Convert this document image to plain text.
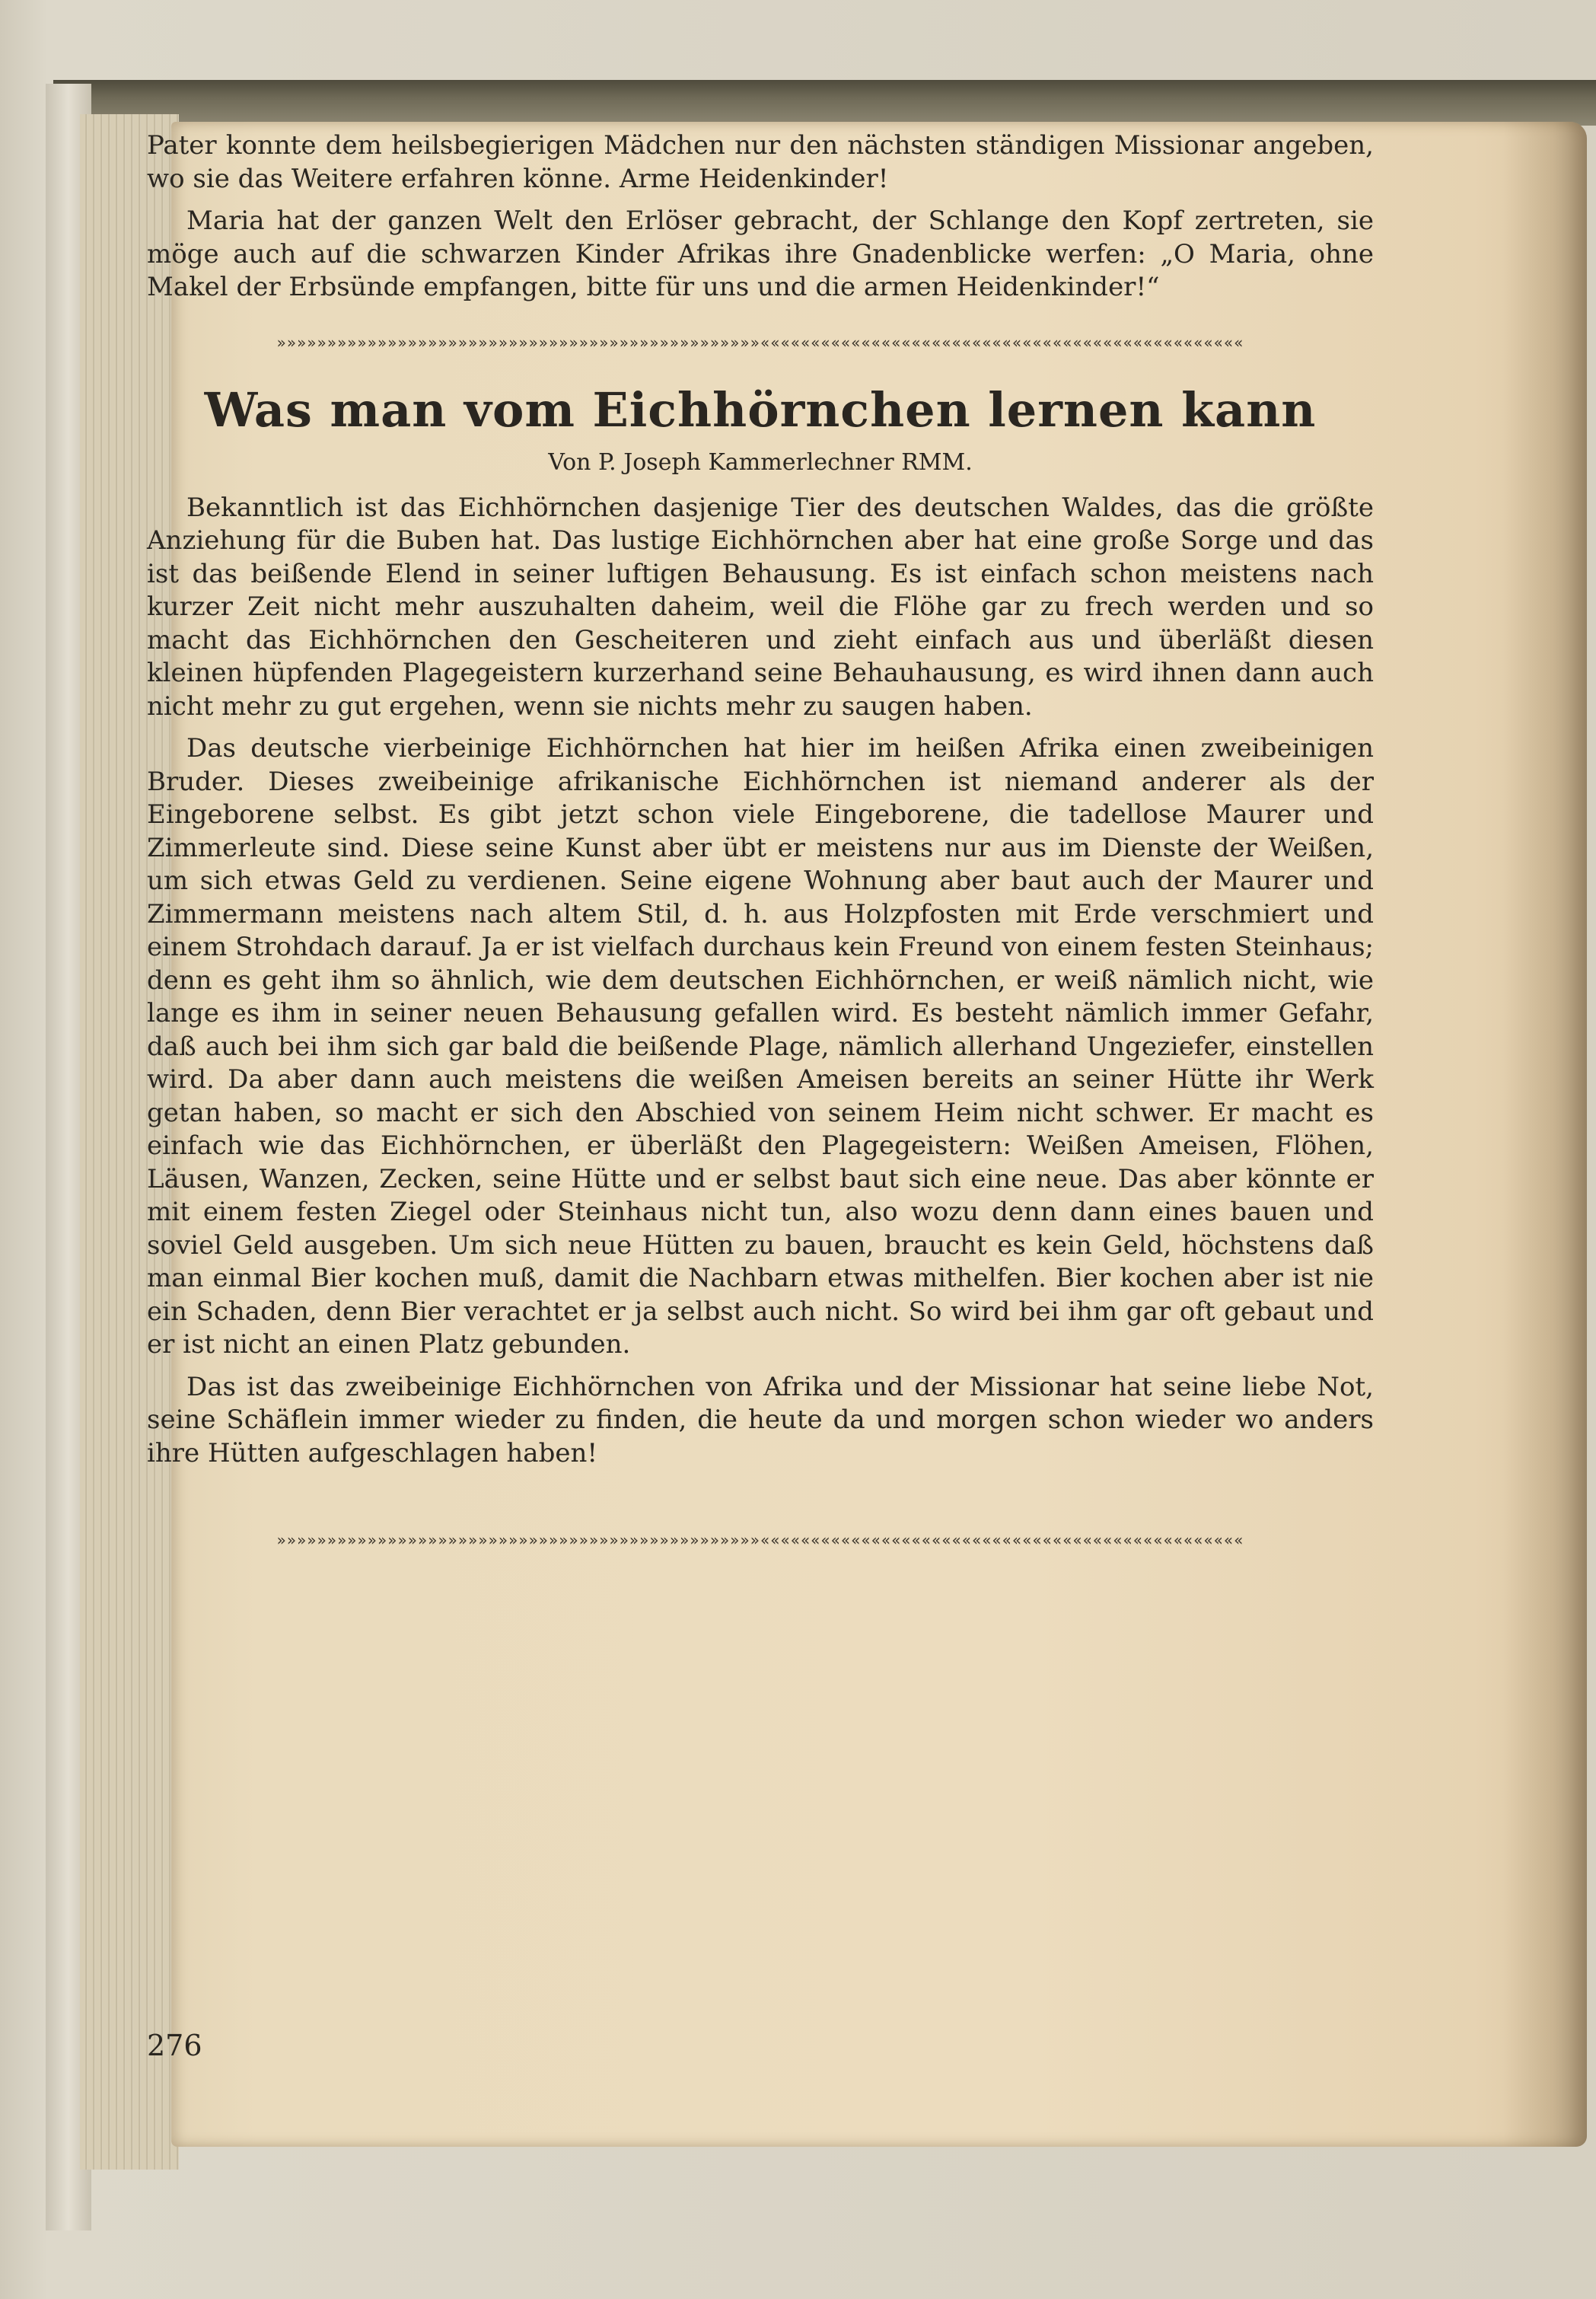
Pater konnte dem heilsbegierigen Mädchen nur den nächsten ständigen Missionar angeben, wo sie das Weitere erfahren könne. Arme Heidenkinder!

Maria hat der ganzen Welt den Erlöser gebracht, der Schlange den Kopf zertreten, sie möge auch auf die schwarzen Kinder Afrikas ihre Gnadenblicke werfen: „O Maria, ohne Makel der Erbsünde empfangen, bitte für uns und die armen Heidenkinder!“

»»»»»»»»»»»»»»»»»»»»»»»»»»»»»»»»»»»»»»»»»»»»»»»»««««««««««««««««««««««««««««««««««««««««««««««««
Was man vom Eichhörnchen lernen kann
Von P. Joseph Kammerlechner RMM.

Bekanntlich ist das Eichhörnchen dasjenige Tier des deutschen Waldes, das die größte Anziehung für die Buben hat. Das lustige Eichhörnchen aber hat eine große Sorge und das ist das beißende Elend in seiner luftigen Behausung. Es ist einfach schon meistens nach kurzer Zeit nicht mehr auszuhalten daheim, weil die Flöhe gar zu frech werden und so macht das Eichhörnchen den Gescheiteren und zieht einfach aus und überläßt diesen kleinen hüpfenden Plagegeistern kurzerhand seine Behauhausung, es wird ihnen dann auch nicht mehr zu gut ergehen, wenn sie nichts mehr zu saugen haben.

Das deutsche vierbeinige Eichhörnchen hat hier im heißen Afrika einen zweibeinigen Bruder. Dieses zweibeinige afrikanische Eichhörnchen ist niemand anderer als der Eingeborene selbst. Es gibt jetzt schon viele Eingeborene, die tadellose Maurer und Zimmerleute sind. Diese seine Kunst aber übt er meistens nur aus im Dienste der Weißen, um sich etwas Geld zu verdienen. Seine eigene Wohnung aber baut auch der Maurer und Zimmermann meistens nach altem Stil, d. h. aus Holzpfosten mit Erde verschmiert und einem Strohdach darauf. Ja er ist vielfach durchaus kein Freund von einem festen Steinhaus; denn es geht ihm so ähnlich, wie dem deutschen Eichhörnchen, er weiß nämlich nicht, wie lange es ihm in seiner neuen Behausung gefallen wird. Es besteht nämlich immer Gefahr, daß auch bei ihm sich gar bald die beißende Plage, nämlich allerhand Ungeziefer, einstellen wird. Da aber dann auch meistens die weißen Ameisen bereits an seiner Hütte ihr Werk getan haben, so macht er sich den Abschied von seinem Heim nicht schwer. Er macht es einfach wie das Eichhörnchen, er überläßt den Plagegeistern: Weißen Ameisen, Flöhen, Läusen, Wanzen, Zecken, seine Hütte und er selbst baut sich eine neue. Das aber könnte er mit einem festen Ziegel oder Steinhaus nicht tun, also wozu denn dann eines bauen und soviel Geld ausgeben. Um sich neue Hütten zu bauen, braucht es kein Geld, höchstens daß man einmal Bier kochen muß, damit die Nachbarn etwas mithelfen. Bier kochen aber ist nie ein Schaden, denn Bier verachtet er ja selbst auch nicht. So wird bei ihm gar oft gebaut und er ist nicht an einen Platz gebunden.

Das ist das zweibeinige Eichhörnchen von Afrika und der Missionar hat seine liebe Not, seine Schäflein immer wieder zu finden, die heute da und morgen schon wieder wo anders ihre Hütten aufgeschlagen haben!

»»»»»»»»»»»»»»»»»»»»»»»»»»»»»»»»»»»»»»»»»»»»»»»»««««««««««««««««««««««««««««««««««««««««««««««««
276
